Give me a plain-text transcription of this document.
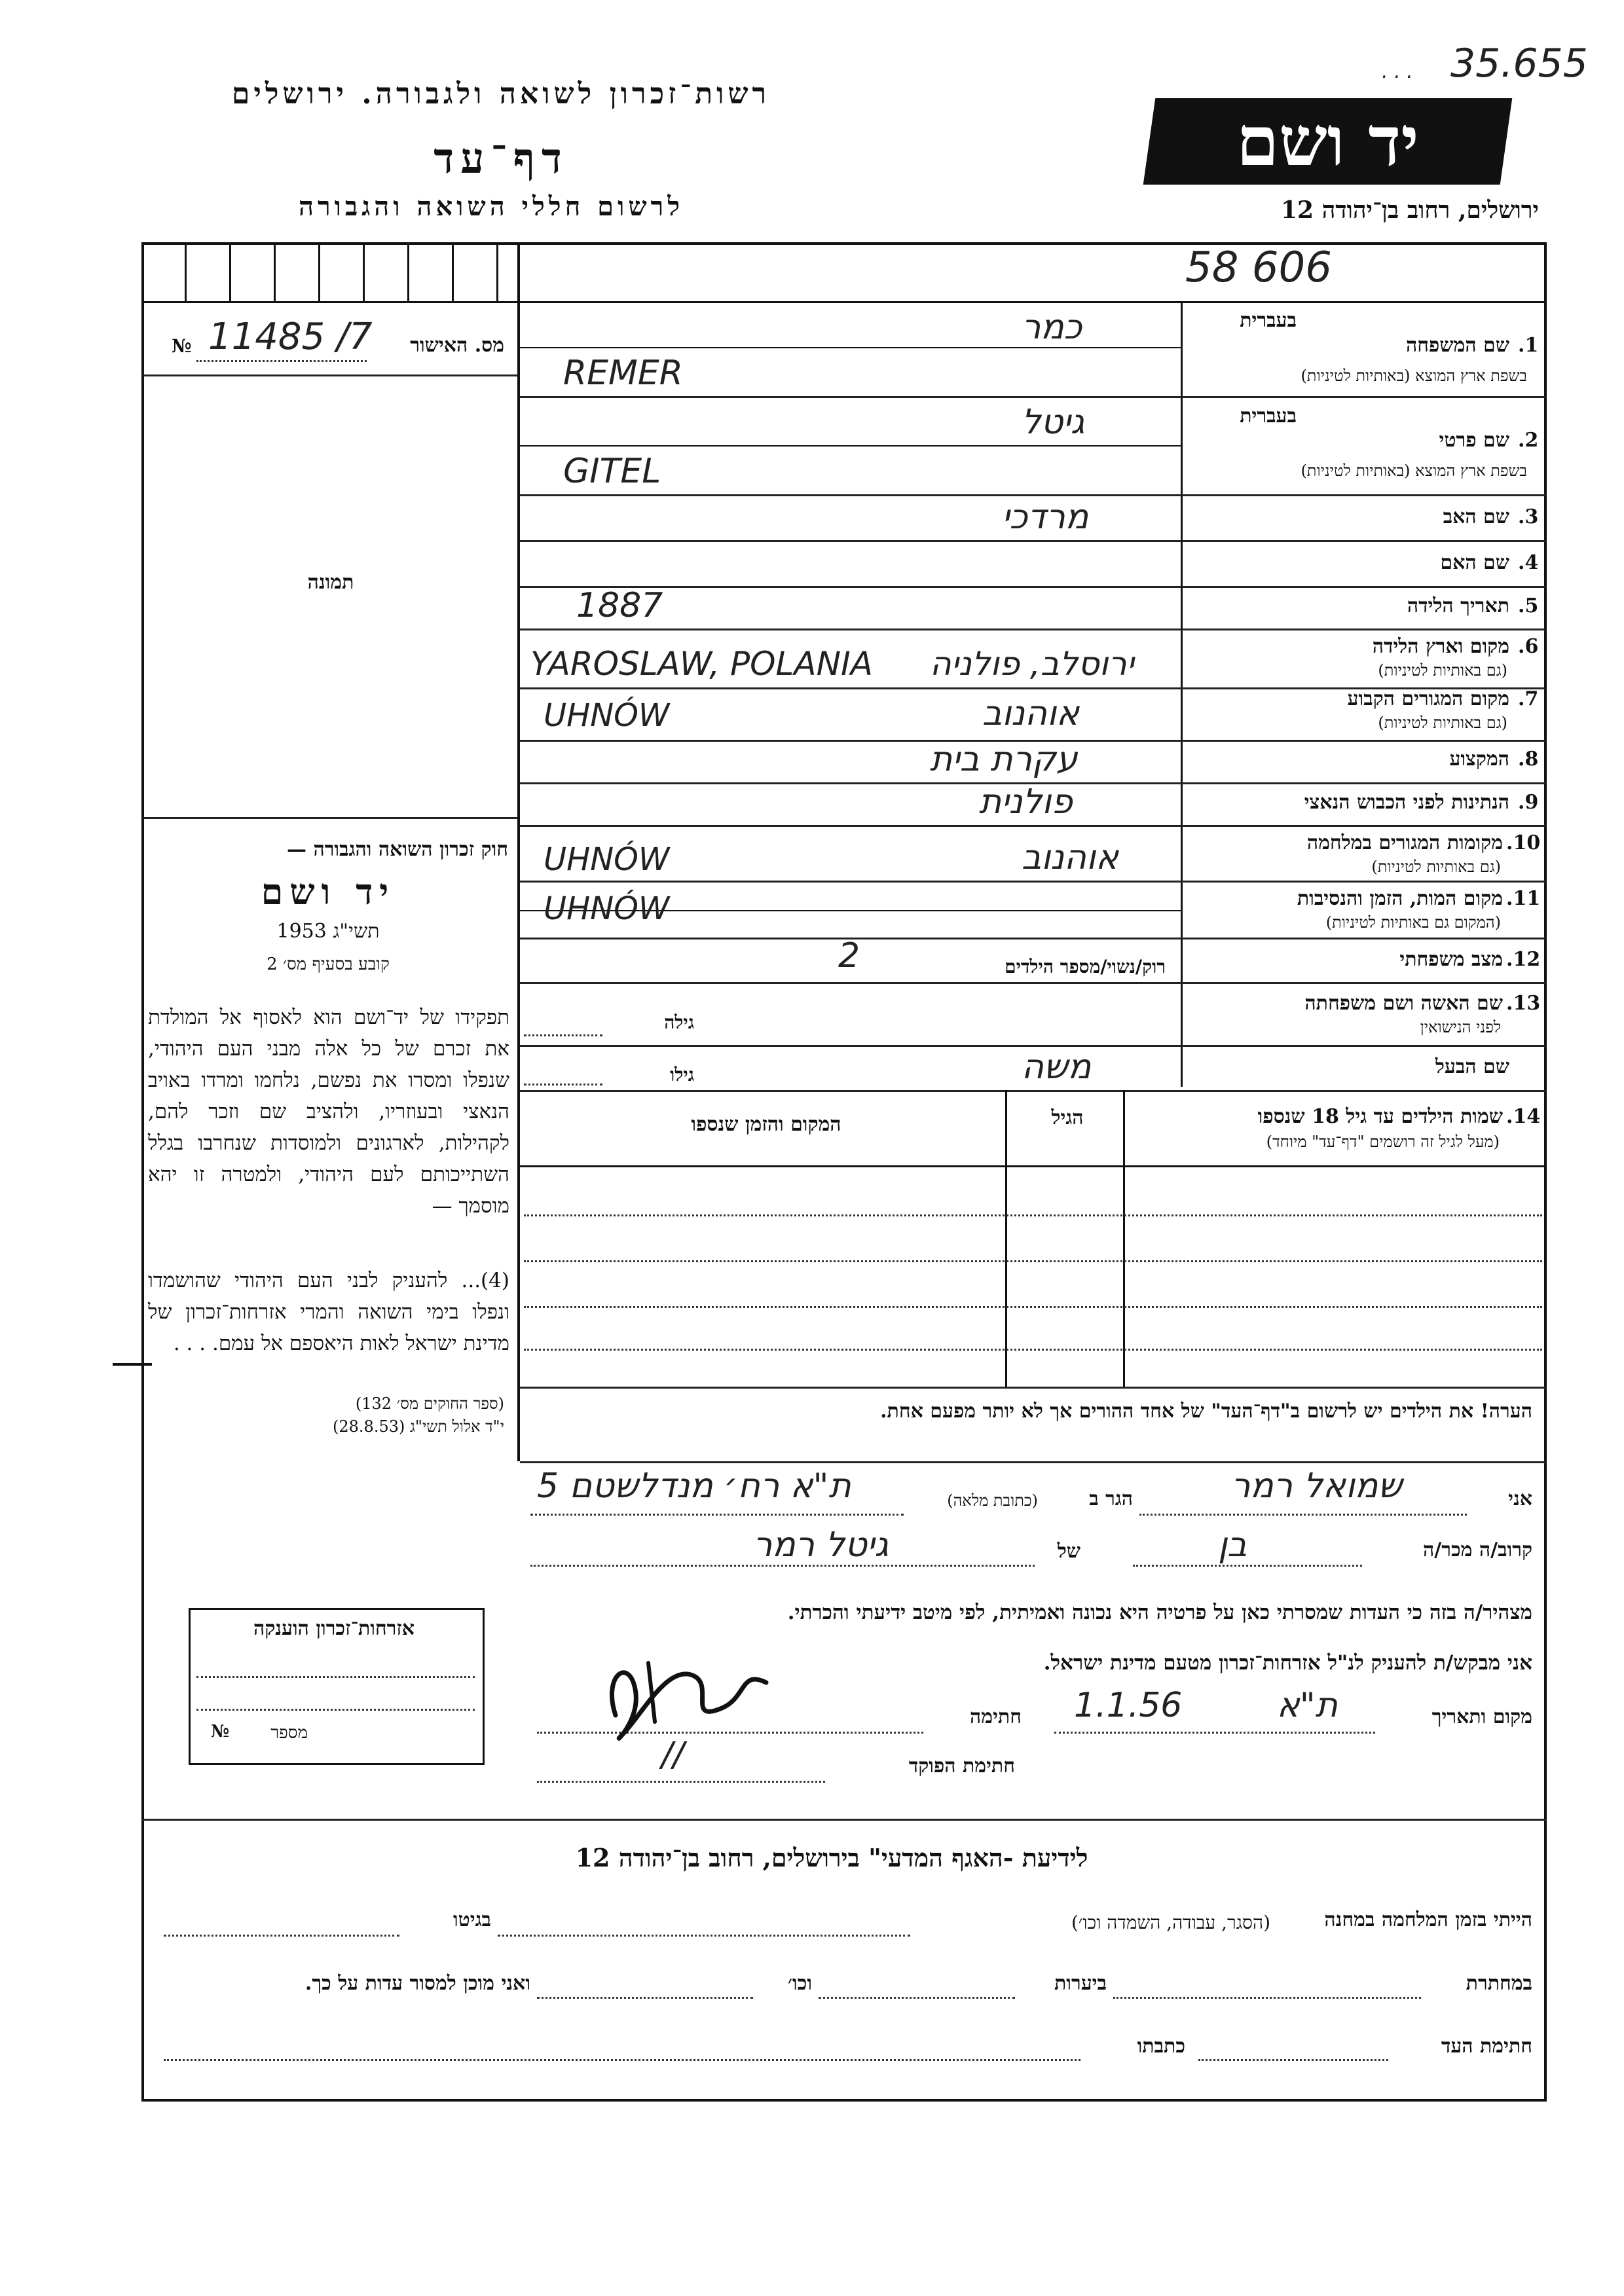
רשות־זכרון לשואה ולגבורה. ירושלים
דף־עד
לרשום חללי השואה והגבורה
יד ושם
ירושלים, רחוב בן־יהודה 12
. . . 35.655
58 606
№ 11485 /7	מס. האישור
תמונה
חוק זכרון השואה והגבורה —
יד ושם
תשי"ג 1953
קובע בסעיף מס׳ 2
תפקידו של יד־ושם הוא לאסוף אל המולדת את זכרם של כל אלה מבני העם היהודי, שנפלו ומסרו את נפשם, נלחמו ומרדו באויב הנאצי ובעוזריו, ולהציב שם וזכר להם, לקהילות, לארגונים ולמוסדות שנחרבו בגלל השתייכותם לעם היהודי, ולמטרה זו יהא מוסמך —
(4)... להעניק לבני העם היהודי שהושמדו ונפלו בימי השואה והמרי אזרחות־זכרון של מדינת ישראל לאות היאספם אל עמם. . . .
(ספר החוקים מס׳ 132)
י"ד אלול תשי"ג (28.8.53)
אזרחות־זכרון הוענקה
№	מספר
1.
בעברית
שם המשפחה
בשפת ארץ המוצא (באותיות לטיניות)
כמר
REMER
2.
בעברית
שם פרטי
בשפת ארץ המוצא (באותיות לטיניות)
גיטל
GITEL
3.
שם האב
מרדכי
4.
שם האם
5.
תאריך הלידה
1887
6.
מקום וארץ הלידה
(גם באותיות לטיניות)
YAROSLAW, POLANIA ירוסלב, פולניה
7.
מקום המגורים הקבוע
(גם באותיות לטיניות)
UHNÓW	אוהנוב
8.
המקצוע
עקרת בית
9.
הנתינות לפני הכבוש הנאצי
פולנית
10.
מקומות המגורים במלחמה
(גם באותיות לטיניות)
UHNÓW	אוהנוב
11.
מקום המות, הזמן והנסיבות
(המקום גם באותיות לטיניות)
UHNÓW
12.
מצב משפחתי
רוק/נשוי/מספר הילדים
2
13.
שם האשה ושם משפחתה
לפני הנישואין
גילה
שם הבעל
משה
גילו
14.
שמות הילדים עד גיל 18 שנספו
(מעל לגיל זה רושמים "דף־עד" מיוחד)
הגיל
המקום והזמן שנספו
הערה! את הילדים יש לרשום ב"דף־העד" של אחד ההורים אך לא יותר מפעם אחת.
אני
שמואל רמר
הגר ב
(כתובת מלאה)
ת"א רח׳ מנדלשטם 5
קרוב/ה מכר/ה
בן
של
גיטל רמר
מצהיר/ה בזה כי העדות שמסרתי כאן על פרטיה היא נכונה ואמיתית, לפי מיטב ידיעתי והכרתי.
אני מבקש/ת להעניק לנ"ל אזרחות־זכרון מטעם מדינת ישראל.
מקום ותאריך
ת"א
1.1.56
חתימה
חתימת הפוקד
//
לידיעת -האגף המדעי" בירושלים, רחוב בן־יהודה 12
הייתי בזמן המלחמה במחנה
(הסגר, עבודה, השמדה וכו׳)
בגיטו
במחתרת
ביערות
וכו׳
ואני מוכן למסור עדות על כך.
חתימת העד
כתבתו
